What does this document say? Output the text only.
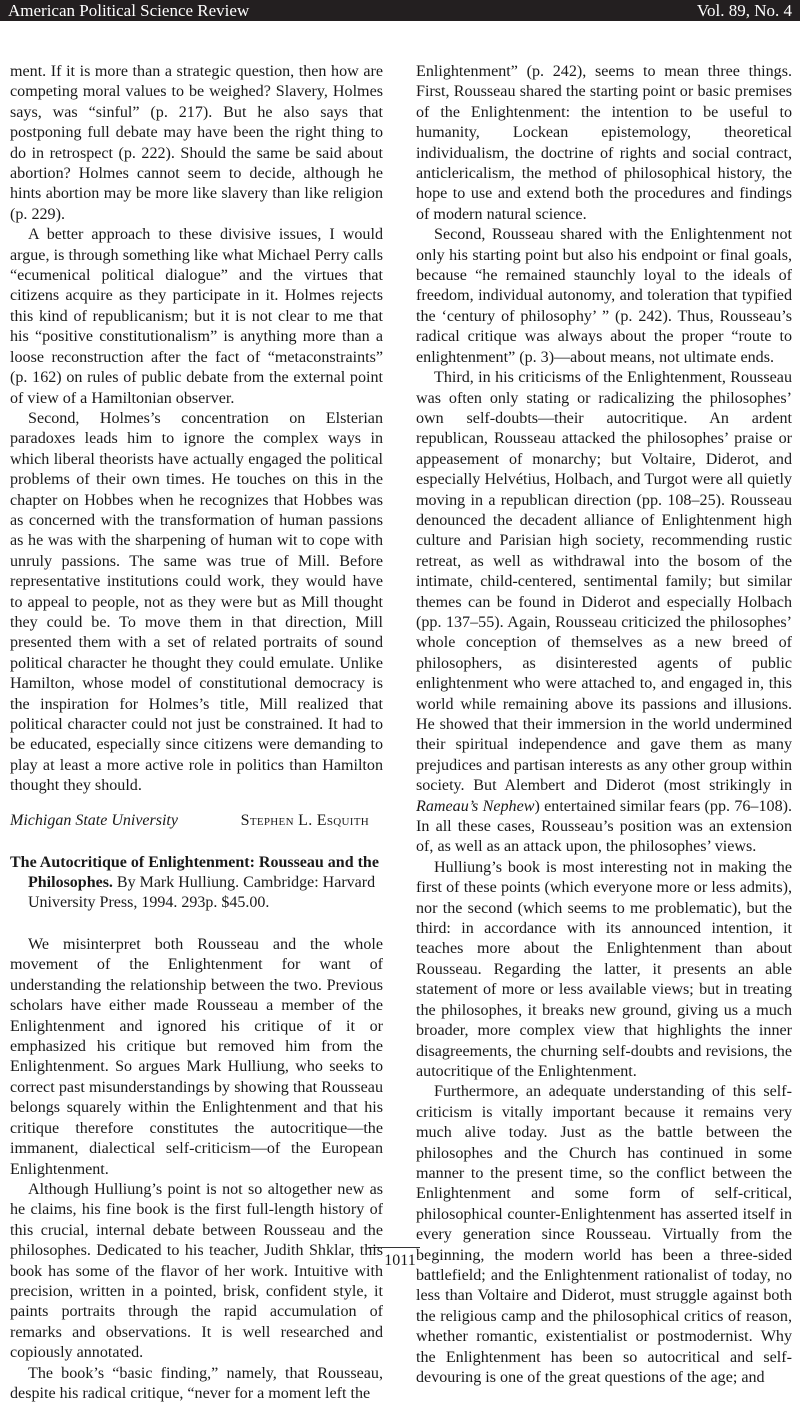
American Political Science Review	Vol. 89, No. 4

ment. If it is more than a strategic question, then how are competing moral values to be weighed? Slavery, Holmes says, was “sinful” (p. 217). But he also says that postponing full debate may have been the right thing to do in retrospect (p. 222). Should the same be said about abortion? Holmes cannot seem to decide, although he hints abortion may be more like slavery than like religion (p. 229).

A better approach to these divisive issues, I would argue, is through something like what Michael Perry calls “ecumenical political dialogue” and the virtues that citizens acquire as they participate in it. Holmes rejects this kind of republicanism; but it is not clear to me that his “positive constitutionalism” is anything more than a loose reconstruction after the fact of “metaconstraints” (p. 162) on rules of public debate from the external point of view of a Hamiltonian observer.

Second, Holmes’s concentration on Elsterian paradoxes leads him to ignore the complex ways in which liberal theorists have actually engaged the political problems of their own times. He touches on this in the chapter on Hobbes when he recognizes that Hobbes was as concerned with the transformation of human passions as he was with the sharpening of human wit to cope with unruly passions. The same was true of Mill. Before representative institutions could work, they would have to appeal to people, not as they were but as Mill thought they could be. To move them in that direction, Mill presented them with a set of related portraits of sound political character he thought they could emulate. Unlike Hamilton, whose model of constitutional democracy is the inspiration for Holmes’s title, Mill realized that political character could not just be constrained. It had to be educated, especially since citizens were demanding to play at least a more active role in politics than Hamilton thought they should.

Michigan State University	Stephen L. Esquith
The Autocritique of Enlightenment: Rousseau and the Philosophes. By Mark Hulliung. Cambridge: Harvard University Press, 1994. 293p. $45.00.

We misinterpret both Rousseau and the whole movement of the Enlightenment for want of understanding the relationship between the two. Previous scholars have either made Rousseau a member of the Enlightenment and ignored his critique of it or emphasized his critique but removed him from the Enlightenment. So argues Mark Hulliung, who seeks to correct past misunderstandings by showing that Rousseau belongs squarely within the Enlightenment and that his critique therefore constitutes the autocritique—the immanent, dialectical self-criticism—of the European Enlightenment.

Although Hulliung’s point is not so altogether new as he claims, his fine book is the first full-length history of this crucial, internal debate between Rousseau and the philosophes. Dedicated to his teacher, Judith Shklar, this book has some of the flavor of her work. Intuitive with precision, written in a pointed, brisk, confident style, it paints portraits through the rapid accumulation of remarks and observations. It is well researched and copiously annotated.

The book’s “basic finding,” namely, that Rousseau, despite his radical critique, “never for a moment left the

Enlightenment” (p. 242), seems to mean three things. First, Rousseau shared the starting point or basic premises of the Enlightenment: the intention to be useful to humanity, Lockean epistemology, theoretical individualism, the doctrine of rights and social contract, anticlericalism, the method of philosophical history, the hope to use and extend both the procedures and findings of modern natural science.

Second, Rousseau shared with the Enlightenment not only his starting point but also his endpoint or final goals, because “he remained staunchly loyal to the ideals of freedom, individual autonomy, and toleration that typified the ‘century of philosophy’ ” (p. 242). Thus, Rousseau’s radical critique was always about the proper “route to enlightenment” (p. 3)—about means, not ultimate ends.

Third, in his criticisms of the Enlightenment, Rousseau was often only stating or radicalizing the philosophes’ own self-doubts—their autocritique. An ardent republican, Rousseau attacked the philosophes’ praise or appeasement of monarchy; but Voltaire, Diderot, and especially Helvétius, Holbach, and Turgot were all quietly moving in a republican direction (pp. 108–25). Rousseau denounced the decadent alliance of Enlightenment high culture and Parisian high society, recommending rustic retreat, as well as withdrawal into the bosom of the intimate, child-centered, sentimental family; but similar themes can be found in Diderot and especially Holbach (pp. 137–55). Again, Rousseau criticized the philosophes’ whole conception of themselves as a new breed of philosophers, as disinterested agents of public enlightenment who were attached to, and engaged in, this world while remaining above its passions and illusions. He showed that their immersion in the world undermined their spiritual independence and gave them as many prejudices and partisan interests as any other group within society. But Alembert and Diderot (most strikingly in Rameau’s Nephew) entertained similar fears (pp. 76–108). In all these cases, Rousseau’s position was an extension of, as well as an attack upon, the philosophes’ views.

Hulliung’s book is most interesting not in making the first of these points (which everyone more or less admits), nor the second (which seems to me problematic), but the third: in accordance with its announced intention, it teaches more about the Enlightenment than about Rousseau. Regarding the latter, it presents an able statement of more or less available views; but in treating the philosophes, it breaks new ground, giving us a much broader, more complex view that highlights the inner disagreements, the churning self-doubts and revisions, the autocritique of the Enlightenment.

Furthermore, an adequate understanding of this self-criticism is vitally important because it remains very much alive today. Just as the battle between the philosophes and the Church has continued in some manner to the present time, so the conflict between the Enlightenment and some form of self-critical, philosophical counter-Enlightenment has asserted itself in every generation since Rousseau. Virtually from the beginning, the modern world has been a three-sided battlefield; and the Enlightenment rationalist of today, no less than Voltaire and Diderot, must struggle against both the religious camp and the philosophical critics of reason, whether romantic, existentialist or postmodernist. Why the Enlightenment has been so autocritical and self-devouring is one of the great questions of the age; and

1011
